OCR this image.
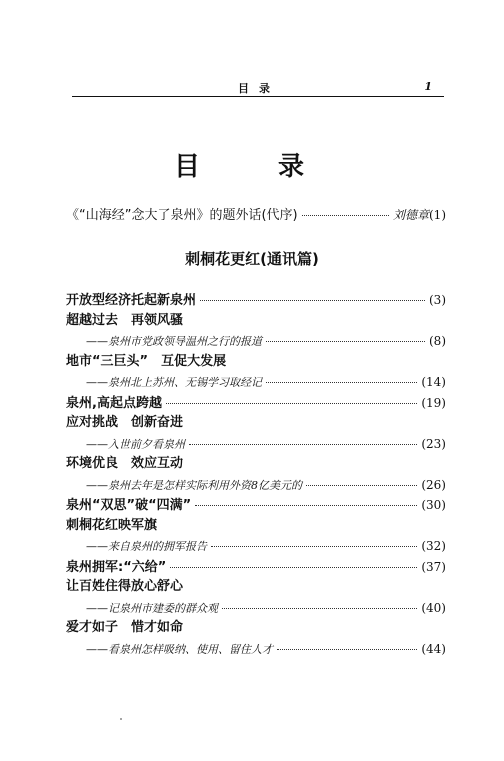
目录	1
目　录
《“山海经”念大了泉州》的题外话(代序)	刘德章 (1)
刺桐花更红(通讯篇)
开放型经济托起新泉州	(3)
超越过去　再领风骚
——泉州市党政领导温州之行的报道	(8)
地市“三巨头”　互促大发展
——泉州北上苏州、无锡学习取经记	(14)
泉州,高起点跨越	(19)
应对挑战　创新奋进
——入世前夕看泉州	(23)
环境优良　效应互动
——泉州去年是怎样实际利用外资8亿美元的	(26)
泉州“双思”破“四满”	(30)
刺桐花红映军旗
——来自泉州的拥军报告	(32)
泉州拥军:“六给”	(37)
让百姓住得放心舒心
——记泉州市建委的群众观	(40)
爱才如子　惜才如命
——看泉州怎样吸纳、使用、留住人才	(44)
